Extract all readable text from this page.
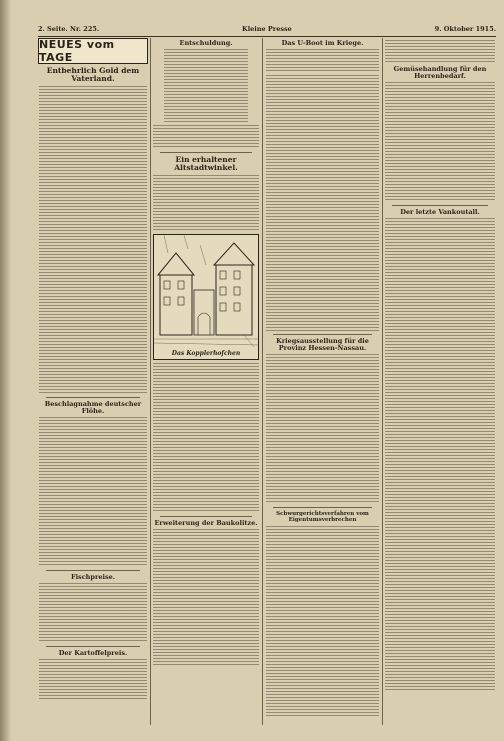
2. Seite. Nr. 225.	Kleine Presse	9. Oktober 1915.
NEUES vom TAGE
Entbehrlich Gold dem Vaterland.
Beschlagnahme deutscher Flöhe.
Fischpreise.
Der Kartoffelpreis.
Entschuldung.
Ein erhaltener Altstadtwinkel.
Das Kopplerhofchen
Erweiterung der Baukolitze.
Das U-Boot im Kriege.
Kriegsausstellung für die Provinz Hessen-Nassau.
Schwurgerichtsverfahren vom Eigentumsverbrechen
Gemüsehandlung für den Herrenbedarf.
Der letzte Vankoutall.
